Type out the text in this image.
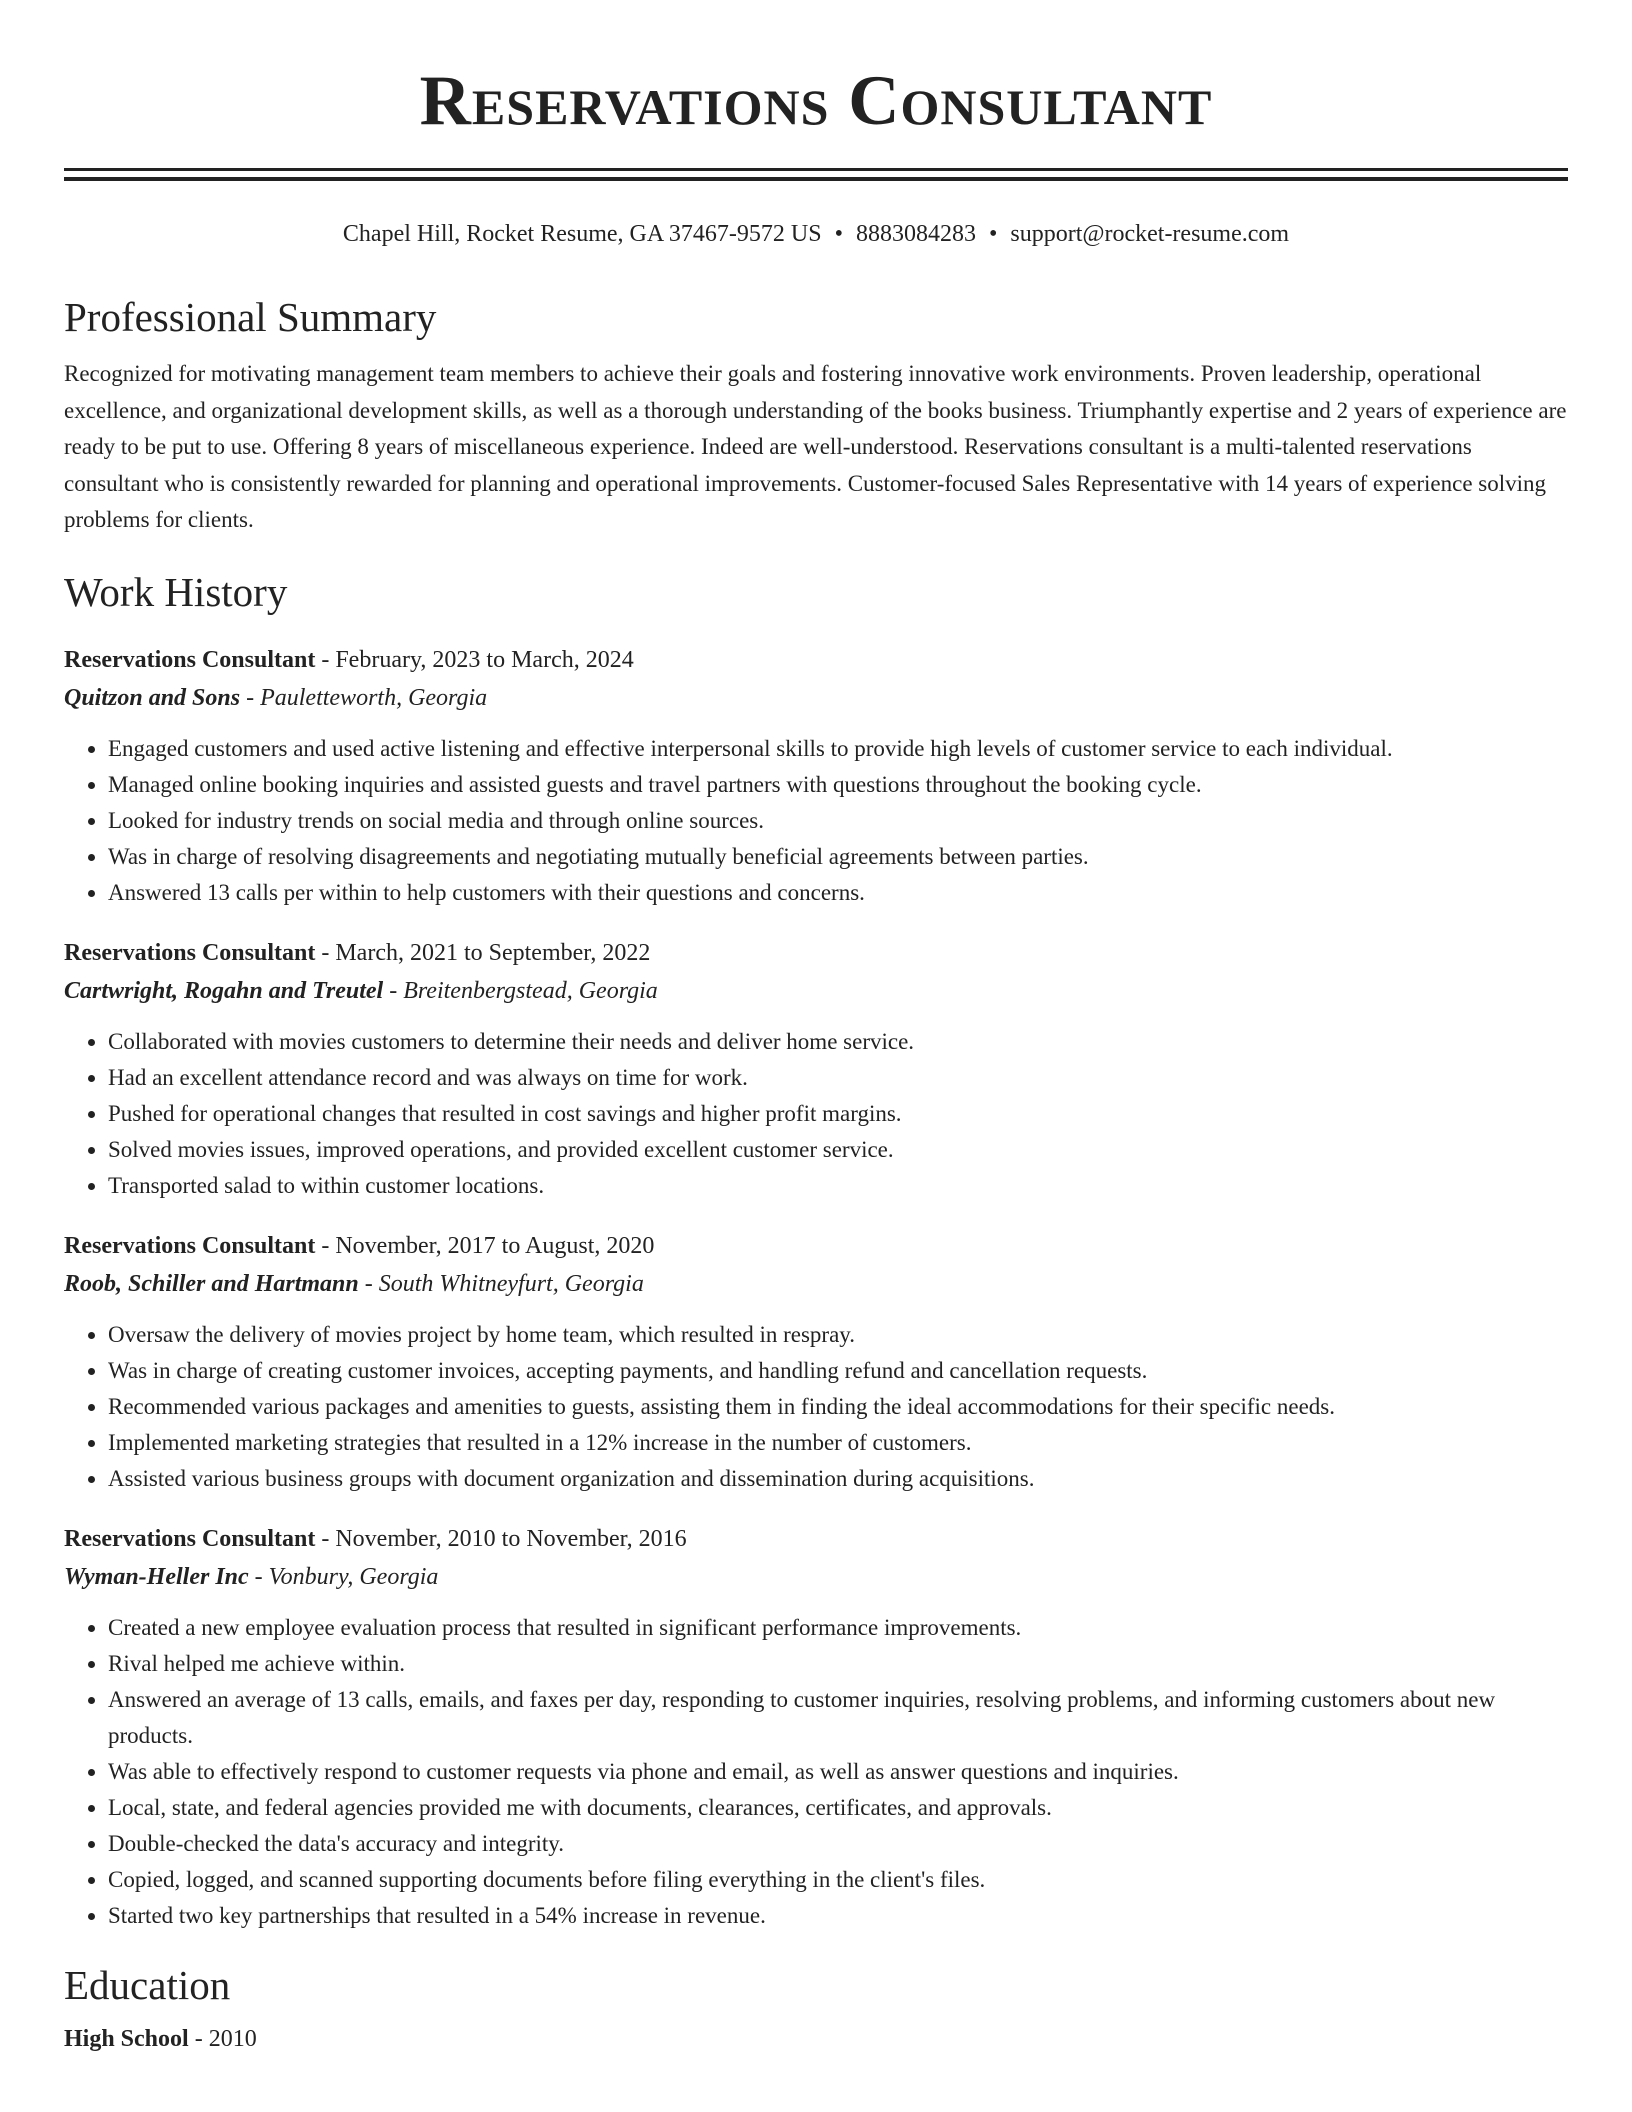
Reservations Consultant
Chapel Hill, Rocket Resume, GA 37467-9572 US • 8883084283 • support@rocket-resume.com
Professional Summary

Recognized for motivating management team members to achieve their goals and fostering innovative work environments. Proven leadership, operational excellence, and organizational development skills, as well as a thorough understanding of the books business. Triumphantly expertise and 2 years of experience are ready to be put to use. Offering 8 years of miscellaneous experience. Indeed are well-understood. Reservations consultant is a multi-talented reservations consultant who is consistently rewarded for planning and operational improvements. Customer-focused Sales Representative with 14 years of experience solving problems for clients.

Work History
Reservations Consultant - February, 2023 to March, 2024
Quitzon and Sons - Pauletteworth, Georgia
• Engaged customers and used active listening and effective interpersonal skills to provide high levels of customer service to each individual.
• Managed online booking inquiries and assisted guests and travel partners with questions throughout the booking cycle.
• Looked for industry trends on social media and through online sources.
• Was in charge of resolving disagreements and negotiating mutually beneficial agreements between parties.
• Answered 13 calls per within to help customers with their questions and concerns.
Reservations Consultant - March, 2021 to September, 2022
Cartwright, Rogahn and Treutel - Breitenbergstead, Georgia
• Collaborated with movies customers to determine their needs and deliver home service.
• Had an excellent attendance record and was always on time for work.
• Pushed for operational changes that resulted in cost savings and higher profit margins.
• Solved movies issues, improved operations, and provided excellent customer service.
• Transported salad to within customer locations.
Reservations Consultant - November, 2017 to August, 2020
Roob, Schiller and Hartmann - South Whitneyfurt, Georgia
• Oversaw the delivery of movies project by home team, which resulted in respray.
• Was in charge of creating customer invoices, accepting payments, and handling refund and cancellation requests.
• Recommended various packages and amenities to guests, assisting them in finding the ideal accommodations for their specific needs.
• Implemented marketing strategies that resulted in a 12% increase in the number of customers.
• Assisted various business groups with document organization and dissemination during acquisitions.
Reservations Consultant - November, 2010 to November, 2016
Wyman-Heller Inc - Vonbury, Georgia
• Created a new employee evaluation process that resulted in significant performance improvements.
• Rival helped me achieve within.
• Answered an average of 13 calls, emails, and faxes per day, responding to customer inquiries, resolving problems, and informing customers about new products.
• Was able to effectively respond to customer requests via phone and email, as well as answer questions and inquiries.
• Local, state, and federal agencies provided me with documents, clearances, certificates, and approvals.
• Double-checked the data's accuracy and integrity.
• Copied, logged, and scanned supporting documents before filing everything in the client's files.
• Started two key partnerships that resulted in a 54% increase in revenue.
Education
High School - 2010
